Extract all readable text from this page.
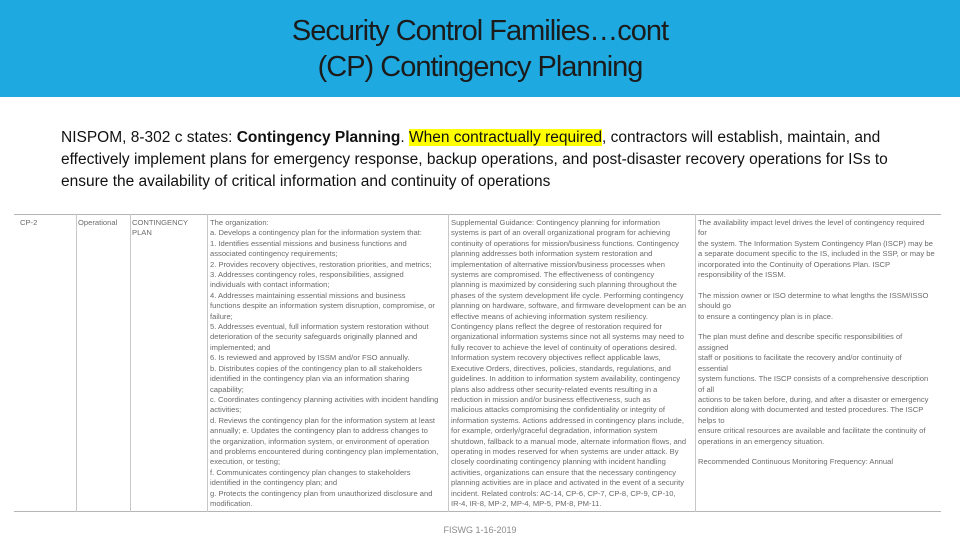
Security Control Families…cont
(CP) Contingency Planning
NISPOM, 8-302 c states: Contingency Planning. When contractually required, contractors will establish, maintain, and effectively implement plans for emergency response, backup operations, and post-disaster recovery operations for ISs to ensure the availability of critical information and continuity of operations
CP-2	Operational	CONTINGENCY
PLAN
The organization:
a. Develops a contingency plan for the information system that:
1. Identifies essential missions and business functions and
associated contingency requirements;
2. Provides recovery objectives, restoration priorities, and metrics;
3. Addresses contingency roles, responsibilities, assigned
individuals with contact information;
4. Addresses maintaining essential missions and business
functions despite an information system disruption, compromise, or
failure;
5. Addresses eventual, full information system restoration without
deterioration of the security safeguards originally planned and
implemented; and
6. Is reviewed and approved by ISSM and/or FSO annually.
b. Distributes copies of the contingency plan to all stakeholders
identified in the contingency plan via an information sharing
capability;
c. Coordinates contingency planning activities with incident handling
activities;
d. Reviews the contingency plan for the information system at least
annually; e. Updates the contingency plan to address changes to
the organization, information system, or environment of operation
and problems encountered during contingency plan implementation,
execution, or testing;
f. Communicates contingency plan changes to stakeholders
identified in the contingency plan; and
g. Protects the contingency plan from unauthorized disclosure and
modification.
Supplemental Guidance: Contingency planning for information
systems is part of an overall organizational program for achieving
continuity of operations for mission/business functions. Contingency
planning addresses both information system restoration and
implementation of alternative mission/business processes when
systems are compromised. The effectiveness of contingency
planning is maximized by considering such planning throughout the
phases of the system development life cycle. Performing contingency
planning on hardware, software, and firmware development can be an
effective means of achieving information system resiliency.
Contingency plans reflect the degree of restoration required for
organizational information systems since not all systems may need to
fully recover to achieve the level of continuity of operations desired.
Information system recovery objectives reflect applicable laws,
Executive Orders, directives, policies, standards, regulations, and
guidelines. In addition to information system availability, contingency
plans also address other security-related events resulting in a
reduction in mission and/or business effectiveness, such as
malicious attacks compromising the confidentiality or integrity of
information systems. Actions addressed in contingency plans include,
for example, orderly/graceful degradation, information system
shutdown, fallback to a manual mode, alternate information flows, and
operating in modes reserved for when systems are under attack. By
closely coordinating contingency planning with incident handling
activities, organizations can ensure that the necessary contingency
planning activities are in place and activated in the event of a security
incident. Related controls: AC-14, CP-6, CP-7, CP-8, CP-9, CP-10,
IR-4, IR-8, MP-2, MP-4, MP-5, PM-8, PM-11.
The availability impact level drives the level of contingency required
for
the system. The Information System Contingency Plan (ISCP) may be
a separate document specific to the IS, included in the SSP, or may be
incorporated into the Continuity of Operations Plan. ISCP
responsibility of the ISSM.

The mission owner or ISO determine to what lengths the ISSM/ISSO
should go
to ensure a contingency plan is in place.

The plan must define and describe specific responsibilities of
assigned
staff or positions to facilitate the recovery and/or continuity of
essential
system functions. The ISCP consists of a comprehensive description
of all
actions to be taken before, during, and after a disaster or emergency
condition along with documented and tested procedures. The ISCP
helps to
ensure critical resources are available and facilitate the continuity of
operations in an emergency situation.

Recommended Continuous Monitoring Frequency: Annual
FISWG 1-16-2019
